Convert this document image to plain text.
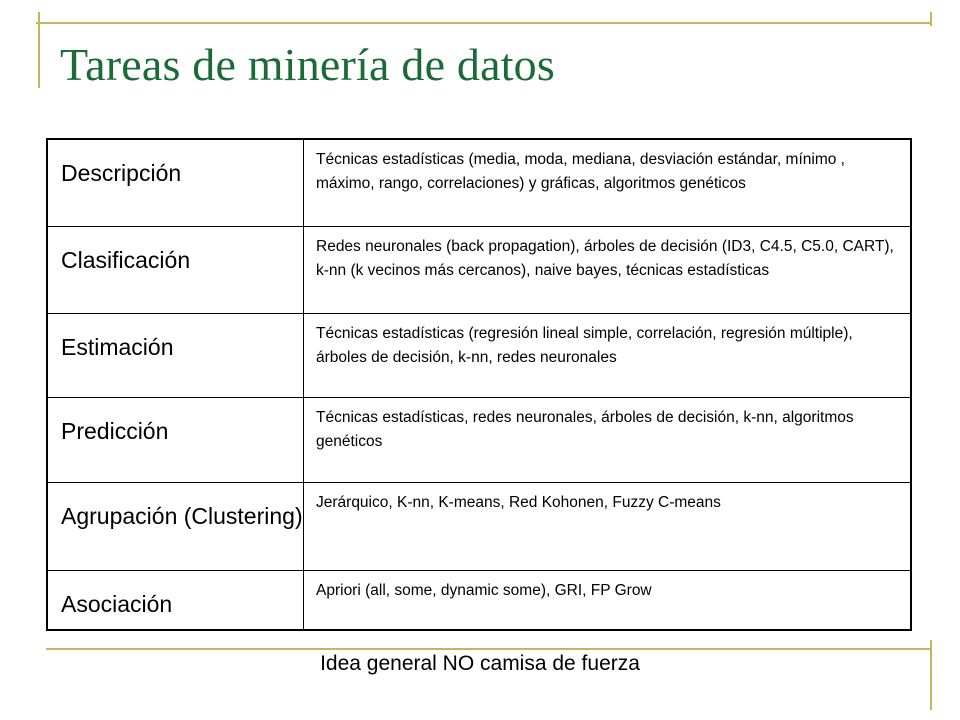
Tareas de minería de datos
Descripción
Técnicas estadísticas (media, moda, mediana, desviación estándar, mínimo , máximo, rango, correlaciones) y gráficas, algoritmos genéticos
Clasificación
Redes neuronales (back propagation), árboles de decisión (ID3, C4.5, C5.0, CART), k-nn (k vecinos más cercanos), naive bayes, técnicas estadísticas
Estimación
Técnicas estadísticas (regresión lineal simple, correlación, regresión múltiple), árboles de decisión, k-nn, redes neuronales
Predicción
Técnicas estadísticas, redes neuronales, árboles de decisión, k-nn, algoritmos genéticos
Agrupación (Clustering)
Jerárquico, K-nn, K-means, Red Kohonen, Fuzzy C-means
Asociación
Apriori (all, some, dynamic some), GRI, FP Grow
Idea general NO camisa de fuerza
